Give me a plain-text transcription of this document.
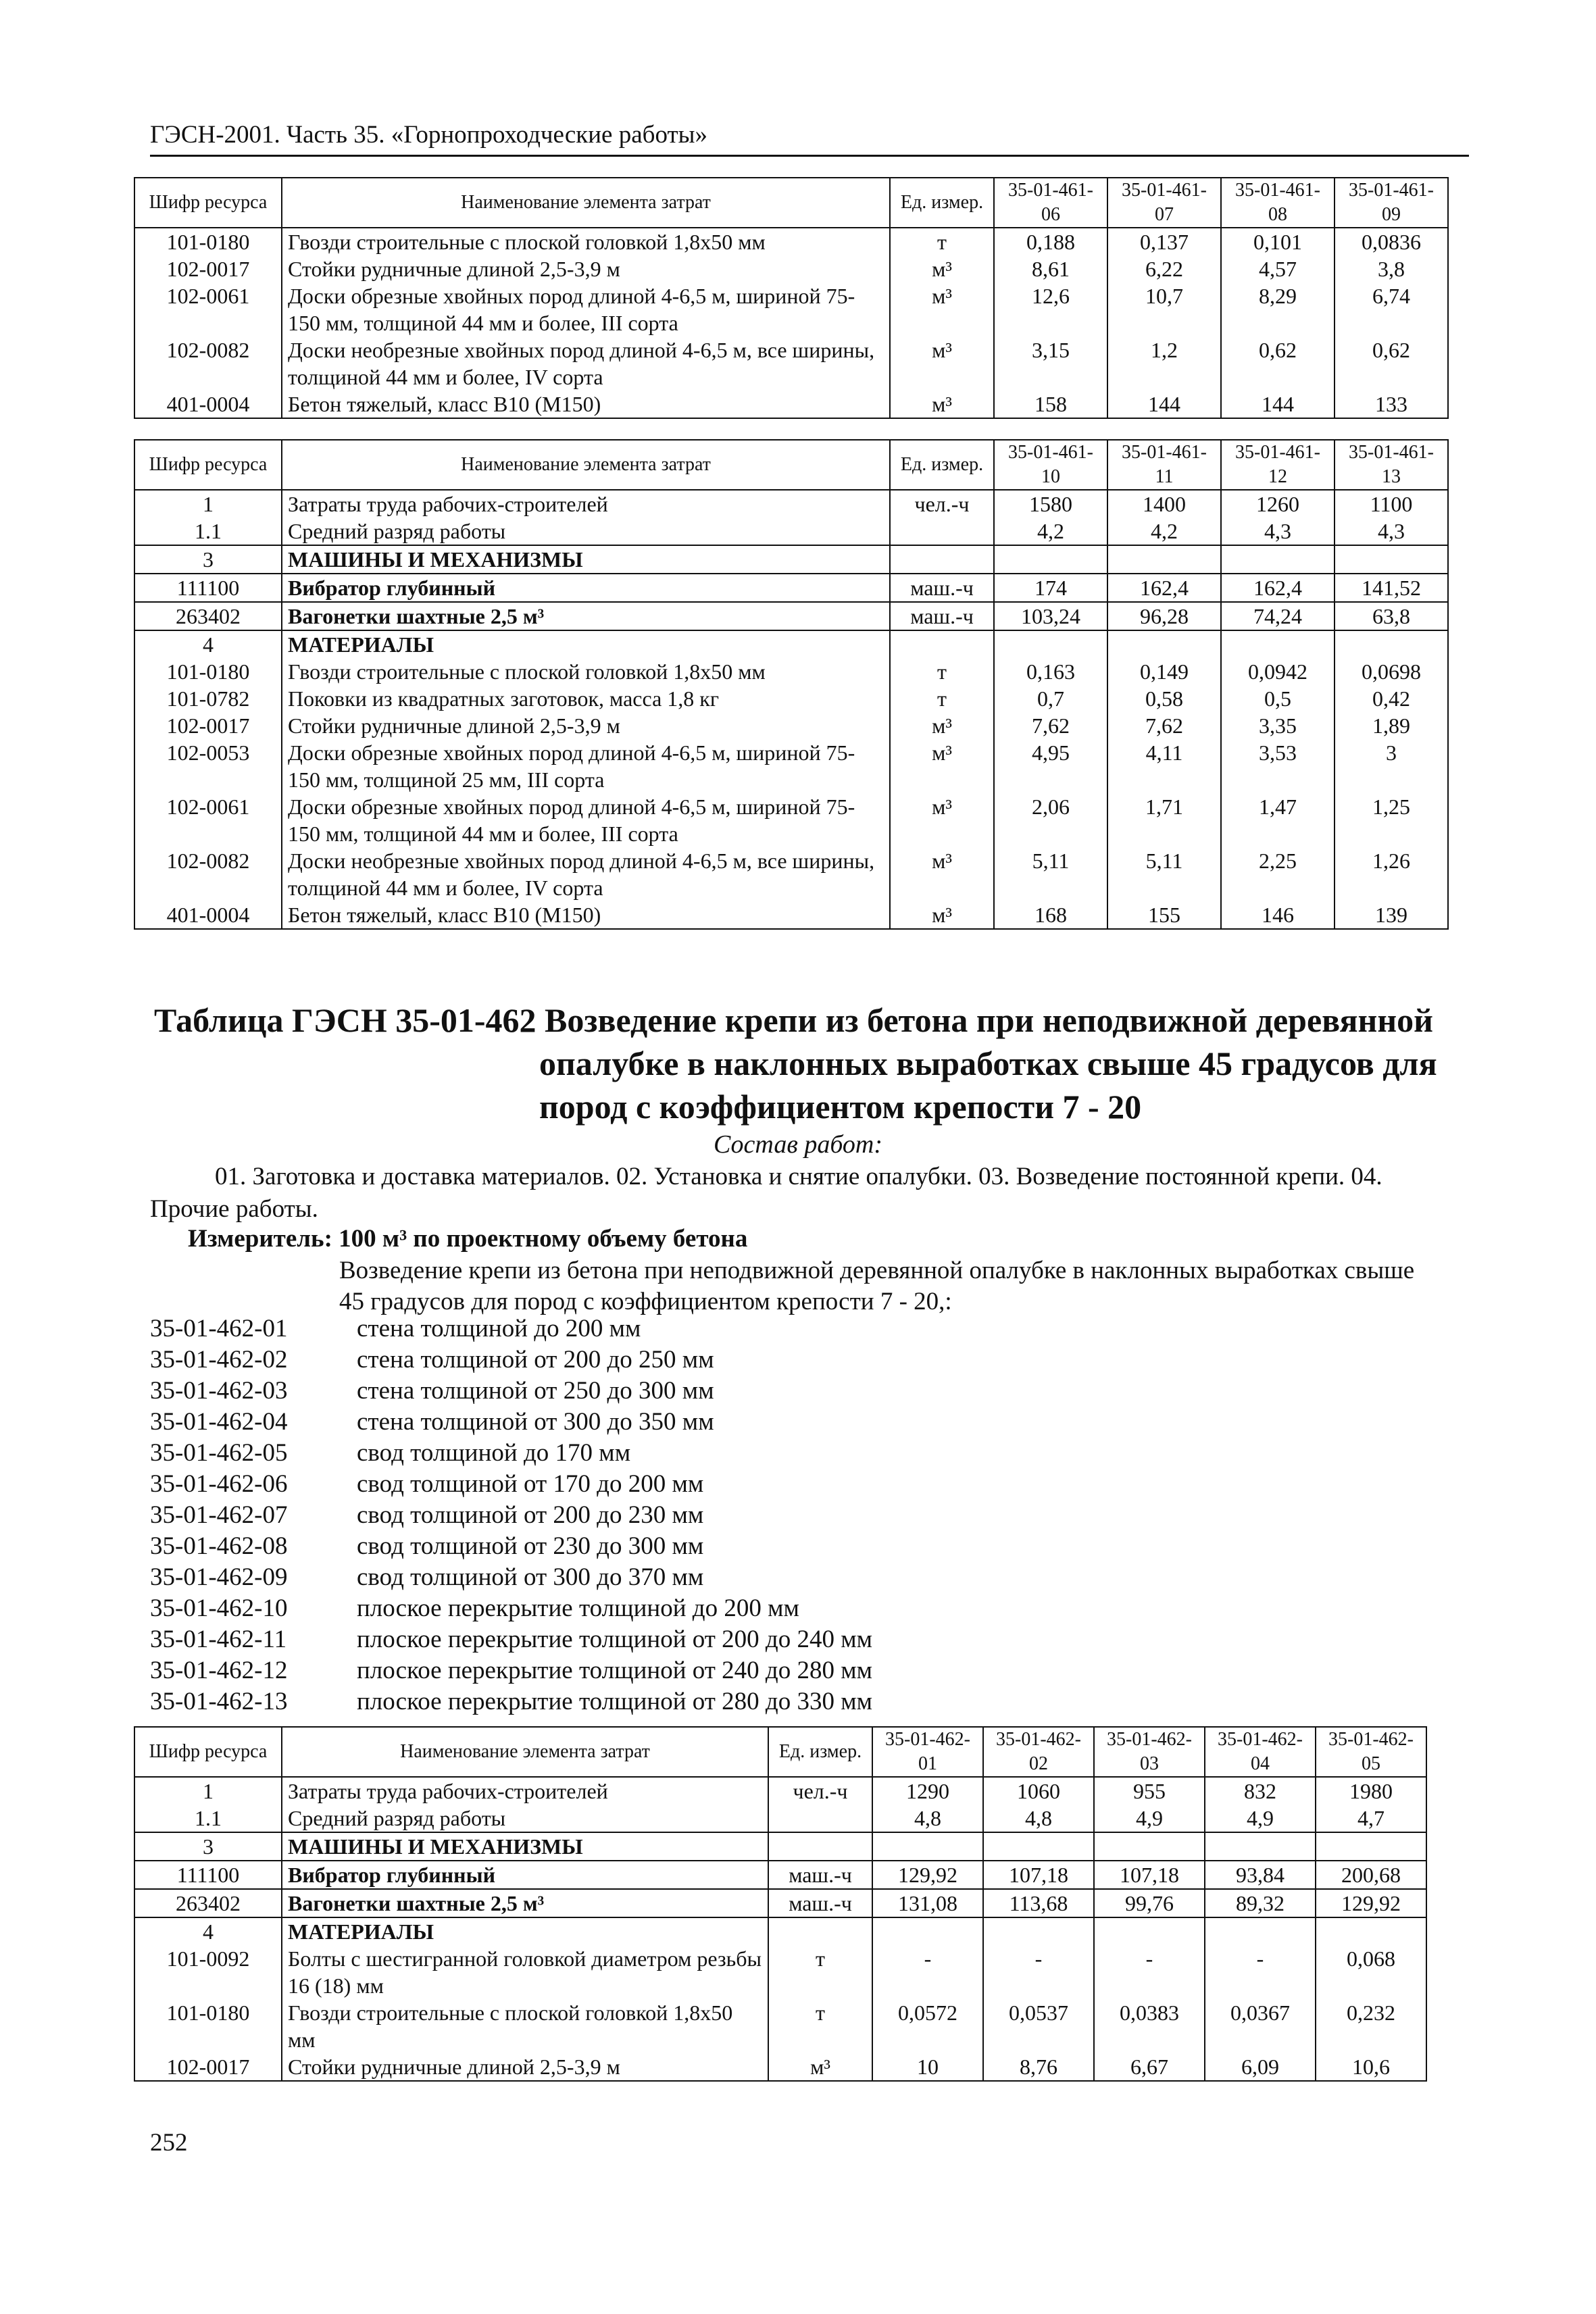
ГЭСН-2001. Часть 35. «Горнопроходческие работы»
Шифр ресурса	Наименование элемента затрат	Ед. измер.	35-01-461-06	35-01-461-07	35-01-461-08	35-01-461-09
101-0180	Гвозди строительные с плоской головкой 1,8x50 мм	т	0,188	0,137	0,101	0,0836
102-0017	Стойки рудничные длиной 2,5-3,9 м	м³	8,61	6,22	4,57	3,8
102-0061	Доски обрезные хвойных пород длиной 4-6,5 м, шириной 75-150 мм, толщиной 44 мм и более, III сорта	м³	12,6	10,7	8,29	6,74
102-0082	Доски необрезные хвойных пород длиной 4-6,5 м, все ширины, толщиной 44 мм и более, IV сорта	м³	3,15	1,2	0,62	0,62
401-0004	Бетон тяжелый, класс В10 (М150)	м³	158	144	144	133
Шифр ресурса	Наименование элемента затрат	Ед. измер.	35-01-461-10	35-01-461-11	35-01-461-12	35-01-461-13
1	Затраты труда рабочих-строителей	чел.-ч	1580	1400	1260	1100
1.1	Средний разряд работы		4,2	4,2	4,3	4,3
3	МАШИНЫ И МЕХАНИЗМЫ					
111100	Вибратор глубинный	маш.-ч	174	162,4	162,4	141,52
263402	Вагонетки шахтные 2,5 м³	маш.-ч	103,24	96,28	74,24	63,8
4	МАТЕРИАЛЫ					
101-0180	Гвозди строительные с плоской головкой 1,8x50 мм	т	0,163	0,149	0,0942	0,0698
101-0782	Поковки из квадратных заготовок, масса 1,8 кг	т	0,7	0,58	0,5	0,42
102-0017	Стойки рудничные длиной 2,5-3,9 м	м³	7,62	7,62	3,35	1,89
102-0053	Доски обрезные хвойных пород длиной 4-6,5 м, шириной 75-150 мм, толщиной 25 мм, III сорта	м³	4,95	4,11	3,53	3
102-0061	Доски обрезные хвойных пород длиной 4-6,5 м, шириной 75-150 мм, толщиной 44 мм и более, III сорта	м³	2,06	1,71	1,47	1,25
102-0082	Доски необрезные хвойных пород длиной 4-6,5 м, все ширины, толщиной 44 мм и более, IV сорта	м³	5,11	5,11	2,25	1,26
401-0004	Бетон тяжелый, класс В10 (М150)	м³	168	155	146	139
Таблица ГЭСН 35-01-462 Возведение крепи из бетона при неподвижной деревянной
опалубке в наклонных выработках свыше 45 градусов для
пород с коэффициентом крепости 7 - 20
Состав работ:
01. Заготовка и доставка материалов. 02. Установка и снятие опалубки. 03. Возведение постоянной крепи. 04. Прочие работы.
Измеритель: 100 м³ по проектному объему бетона
Возведение крепи из бетона при неподвижной деревянной опалубке в наклонных выработках свыше 45 градусов для пород с коэффициентом крепости 7 - 20,:
35-01-462-01	стена толщиной до 200 мм
35-01-462-02	стена толщиной от 200 до 250 мм
35-01-462-03	стена толщиной от 250 до 300 мм
35-01-462-04	стена толщиной от 300 до 350 мм
35-01-462-05	свод толщиной до 170 мм
35-01-462-06	свод толщиной от 170 до 200 мм
35-01-462-07	свод толщиной от 200 до 230 мм
35-01-462-08	свод толщиной от 230 до 300 мм
35-01-462-09	свод толщиной от 300 до 370 мм
35-01-462-10	плоское перекрытие толщиной до 200 мм
35-01-462-11	плоское перекрытие толщиной от 200 до 240 мм
35-01-462-12	плоское перекрытие толщиной от 240 до 280 мм
35-01-462-13	плоское перекрытие толщиной от 280 до 330 мм
Шифр ресурса	Наименование элемента затрат	Ед. измер.	35-01-462-01	35-01-462-02	35-01-462-03	35-01-462-04	35-01-462-05
1	Затраты труда рабочих-строителей	чел.-ч	1290	1060	955	832	1980
1.1	Средний разряд работы		4,8	4,8	4,9	4,9	4,7
3	МАШИНЫ И МЕХАНИЗМЫ						
111100	Вибратор глубинный	маш.-ч	129,92	107,18	107,18	93,84	200,68
263402	Вагонетки шахтные 2,5 м³	маш.-ч	131,08	113,68	99,76	89,32	129,92
4	МАТЕРИАЛЫ						
101-0092	Болты с шестигранной головкой диаметром резьбы 16 (18) мм	т	-	-	-	-	0,068
101-0180	Гвозди строительные с плоской головкой 1,8x50 мм	т	0,0572	0,0537	0,0383	0,0367	0,232
102-0017	Стойки рудничные длиной 2,5-3,9 м	м³	10	8,76	6,67	6,09	10,6
252
